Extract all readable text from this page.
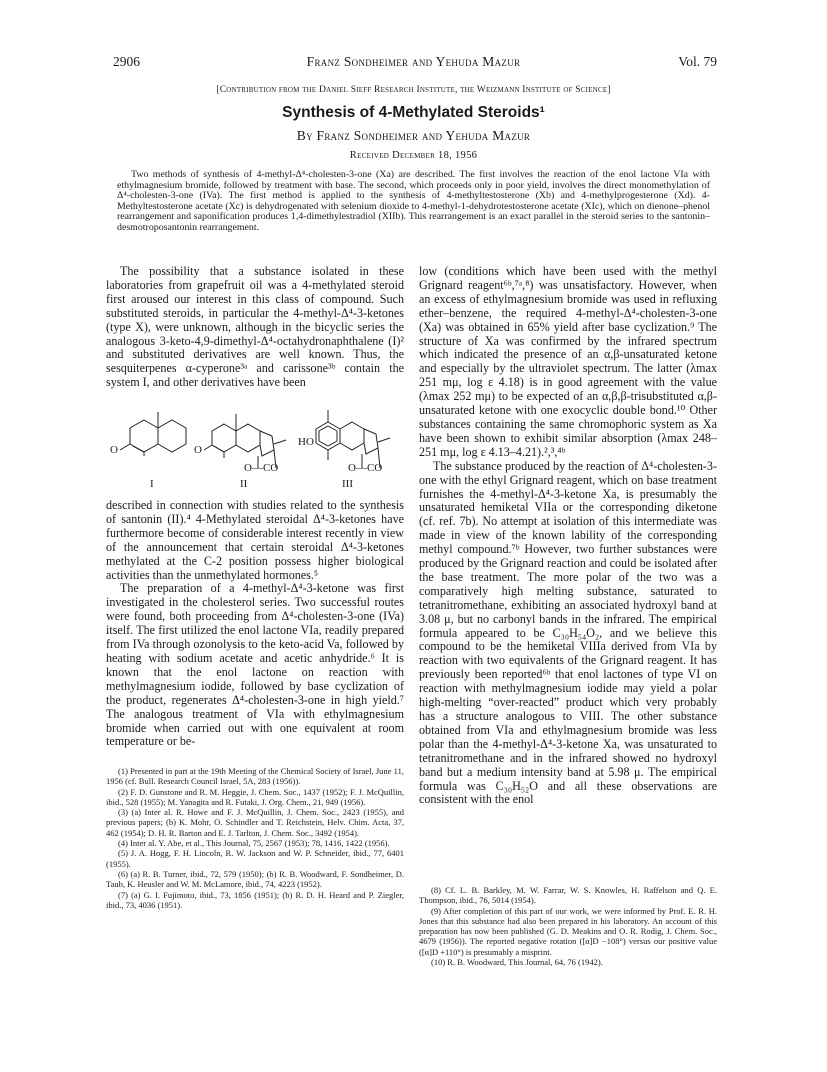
2906	Franz Sondheimer and Yehuda Mazur	Vol. 79
[Contribution from the Daniel Sieff Research Institute, the Weizmann Institute of Science]
Synthesis of 4-Methylated Steroids¹
By Franz Sondheimer and Yehuda Mazur
Received December 18, 1956
Two methods of synthesis of 4-methyl-Δ⁴-cholesten-3-one (Xa) are described. The first involves the reaction of the enol lactone VIa with ethylmagnesium bromide, followed by treatment with base. The second, which proceeds only in poor yield, involves the direct monomethylation of Δ⁴-cholesten-3-one (IVa). The first method is applied to the synthesis of 4-methyltestosterone (Xb) and 4-methylprogesterone (Xd). 4-Methyltestosterone acetate (Xc) is dehydrogenated with selenium dioxide to 4-methyl-1-dehydrotestosterone acetate (XIc), which on dienone–phenol rearrangement and saponification produces 1,4-dimethylestradiol (XIIb). This rearrangement is an exact parallel in the steroid series to the santonin–desmotroposantonin rearrangement.

The possibility that a substance isolated in these laboratories from grapefruit oil was a 4-methylated steroid first aroused our interest in this class of compound. Such substituted steroids, in particular the 4-methyl-Δ⁴-3-ketones (type X), were unknown, although in the bicyclic series the analogous 3-keto-4,9-dimethyl-Δ⁴-octahydronaphthalene (I)² and substituted derivatives are well known. Thus, the sesquiterpenes α-cyperone³ᵃ and carissone³ᵇ contain the system I, and other derivatives have been

O	O
O—CO
HO
O—CO
I	II	III

described in connection with studies related to the synthesis of santonin (II).⁴ 4-Methylated steroidal Δ⁴-3-ketones have furthermore become of considerable interest recently in view of the announcement that certain steroidal Δ⁴-3-ketones methylated at the C-2 position possess higher biological activities than the unmethylated hormones.⁵

The preparation of a 4-methyl-Δ⁴-3-ketone was first investigated in the cholesterol series. Two successful routes were found, both proceeding from Δ⁴-cholesten-3-one (IVa) itself. The first utilized the enol lactone VIa, readily prepared from IVa through ozonolysis to the keto-acid Va, followed by heating with sodium acetate and acetic anhydride.⁶ It is known that the enol lactone on reaction with methylmagnesium iodide, followed by base cyclization of the product, regenerates Δ⁴-cholesten-3-one in high yield.⁷ The analogous treatment of VIa with ethylmagnesium bromide when carried out with one equivalent at room temperature or be-

low (conditions which have been used with the methyl Grignard reagent⁶ᵇ,⁷ᵃ,⁸) was unsatisfactory. However, when an excess of ethylmagnesium bromide was used in refluxing ether–benzene, the required 4-methyl-Δ⁴-cholesten-3-one (Xa) was obtained in 65% yield after base cyclization.⁹ The structure of Xa was confirmed by the infrared spectrum which indicated the presence of an α,β-unsaturated ketone and especially by the ultraviolet spectrum. The latter (λmax 251 mμ, log ε 4.18) is in good agreement with the value (λmax 252 mμ) to be expected of an α,β,β-trisubstituted α,β-unsaturated ketone with one exocyclic double bond.¹⁰ Other substances containing the same chromophoric system as Xa have been shown to exhibit similar absorption (λmax 248–251 mμ, log ε 4.13–4.21).²,³,⁴ᵇ

The substance produced by the reaction of Δ⁴-cholesten-3-one with the ethyl Grignard reagent, which on base treatment furnishes the 4-methyl-Δ⁴-3-ketone Xa, is presumably the unsaturated hemiketal VIIa or the corresponding diketone (cf. ref. 7b). No attempt at isolation of this intermediate was made in view of the known lability of the corresponding methyl compound.⁷ᵇ However, two further substances were produced by the Grignard reaction and could be isolated after the base treatment. The more polar of the two was a comparatively high melting substance, saturated to tetranitromethane, exhibiting an associated hydroxyl band at 3.08 μ, but no carbonyl bands in the infrared. The empirical formula appeared to be C₃₀H₅₄O₂, and we believe this compound to be the hemiketal VIIIa derived from VIa by reaction with two equivalents of the Grignard reagent. It has previously been reported⁶ᵇ that enol lactones of type VI on reaction with methylmagnesium iodide may yield a polar high-melting “over-reacted” product which very probably has a structure analogous to VIII. The other substance obtained from VIa and ethylmagnesium bromide was less polar than the 4-methyl-Δ⁴-3-ketone Xa, was unsaturated to tetranitromethane and in the infrared showed no hydroxyl band but a medium intensity band at 5.98 μ. The empirical formula was C₃₀H₅₂O and all these observations are consistent with the enol

(1) Presented in part at the 19th Meeting of the Chemical Society of Israel, June 11, 1956 (cf. Bull. Research Council Israel, 5A, 283 (1956)).

(2) F. D. Gunstone and R. M. Heggie, J. Chem. Soc., 1437 (1952); F. J. McQuillin, ibid., 528 (1955); M. Yanagita and R. Futaki, J. Org. Chem., 21, 949 (1956).

(3) (a) Inter al. R. Howe and F. J. McQuillin, J. Chem. Soc., 2423 (1955), and previous papers; (b) K. Mohr, O. Schindler and T. Reichstein, Helv. Chim. Acta, 37, 462 (1954); D. H. R. Barton and E. J. Tarlton, J. Chem. Soc., 3492 (1954).

(4) Inter al. Y. Abe, et al., This Journal, 75, 2567 (1953); 78, 1416, 1422 (1956).

(5) J. A. Hogg, F. H. Lincoln, R. W. Jackson and W. P. Schneider, ibid., 77, 6401 (1955).

(6) (a) R. B. Turner, ibid., 72, 579 (1950); (b) R. B. Woodward, F. Sondheimer, D. Taub, K. Heusler and W. M. McLamore, ibid., 74, 4223 (1952).

(7) (a) G. I. Fujimoto, ibid., 73, 1856 (1951); (b) R. D. H. Heard and P. Ziegler, ibid., 73, 4036 (1951).

(8) Cf. L. B. Barkley, M. W. Farrar, W. S. Knowles, H. Raffelson and Q. E. Thompson, ibid., 76, 5014 (1954).

(9) After completion of this part of our work, we were informed by Prof. E. R. H. Jones that this substance had also been prepared in his laboratory. An account of this preparation has now been published (G. D. Meakins and O. R. Rodig, J. Chem. Soc., 4679 (1956)). The reported negative rotation ([α]D −108°) versus our positive value ([α]D +110°) is presumably a misprint.

(10) R. B. Woodward, This Journal, 64, 76 (1942).
